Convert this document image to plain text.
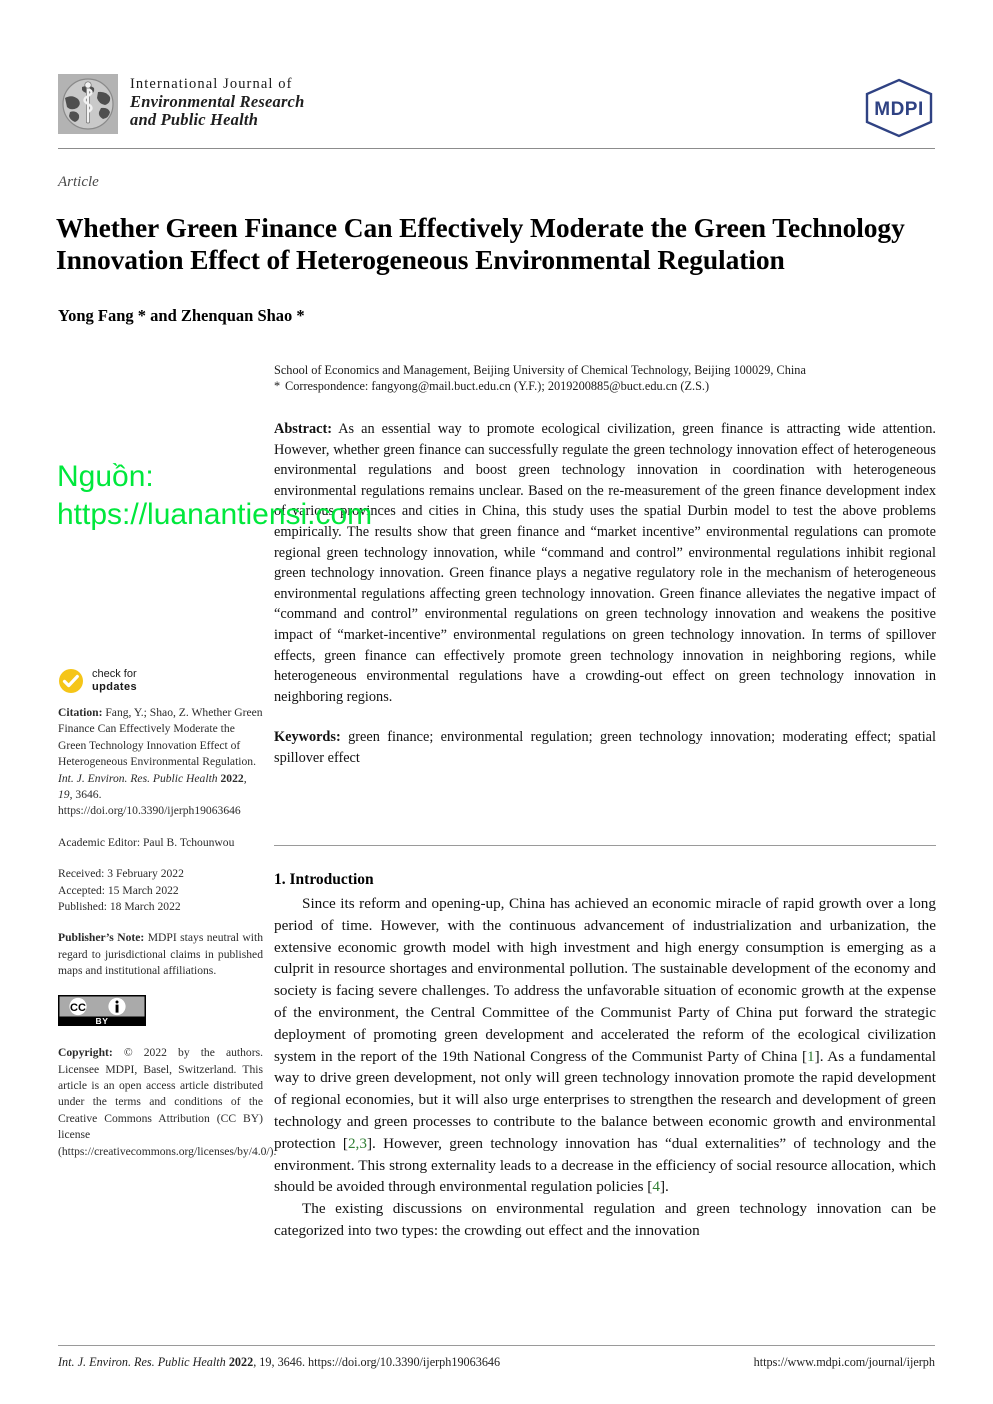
International Journal of
Environmental Research
and Public Health	MDPI
Article
Whether Green Finance Can Effectively Moderate the Green Technology Innovation Effect of Heterogeneous Environmental Regulation
Yong Fang * and Zhenquan Shao *
School of Economics and Management, Beijing University of Chemical Technology, Beijing 100029, China
* Correspondence: fangyong@mail.buct.edu.cn (Y.F.); 2019200885@buct.edu.cn (Z.S.)
Abstract: As an essential way to promote ecological civilization, green finance is attracting wide attention. However, whether green finance can successfully regulate the green technology innovation effect of heterogeneous environmental regulations and boost green technology innovation in coordination with heterogeneous environmental regulations remains unclear. Based on the re-measurement of the green finance development index of various provinces and cities in China, this study uses the spatial Durbin model to test the above problems empirically. The results show that green finance and “market incentive” environmental regulations can promote regional green technology innovation, while “command and control” environmental regulations inhibit regional green technology innovation. Green finance plays a negative regulatory role in the mechanism of heterogeneous environmental regulations affecting green technology innovation. Green finance alleviates the negative impact of “command and control” environmental regulations on green technology innovation and weakens the positive impact of “market-incentive” environmental regulations on green technology innovation. In terms of spillover effects, green finance can effectively promote green technology innovation in neighboring regions, while heterogeneous environmental regulations have a crowding-out effect on green technology innovation in neighboring regions.
Keywords: green finance; environmental regulation; green technology innovation; moderating effect; spatial spillover effect
1. Introduction

Since its reform and opening-up, China has achieved an economic miracle of rapid growth over a long period of time. However, with the continuous advancement of industrialization and urbanization, the extensive economic growth model with high investment and high energy consumption is emerging as a culprit in resource shortages and environmental pollution. The sustainable development of the economy and society is facing severe challenges. To address the unfavorable situation of economic growth at the expense of the environment, the Central Committee of the Communist Party of China put forward the strategic deployment of promoting green development and accelerated the reform of the ecological civilization system in the report of the 19th National Congress of the Communist Party of China [1]. As a fundamental way to drive green development, not only will green technology innovation promote the rapid development of regional economies, but it will also urge enterprises to strengthen the research and development of green technology and green processes to contribute to the balance between economic growth and environmental protection [2,3]. However, green technology innovation has “dual externalities” of technology and the environment. This strong externality leads to a decrease in the efficiency of social resource allocation, which should be avoided through environmental regulation policies [4].

The existing discussions on environmental regulation and green technology innovation can be categorized into two types: the crowding out effect and the innovation

check for
updates
Citation: Fang, Y.; Shao, Z. Whether Green Finance Can Effectively Moderate the Green Technology Innovation Effect of Heterogeneous Environmental Regulation. Int. J. Environ. Res. Public Health 2022, 19, 3646. https://doi.org/10.3390/ijerph19063646
Academic Editor: Paul B. Tchounwou
Received: 3 February 2022
Accepted: 15 March 2022
Published: 18 March 2022
Publisher’s Note: MDPI stays neutral with regard to jurisdictional claims in published maps and institutional affiliations.
CC
BY
Copyright: © 2022 by the authors. Licensee MDPI, Basel, Switzerland. This article is an open access article distributed under the terms and conditions of the Creative Commons Attribution (CC BY) license (https://creativecommons.org/licenses/by/4.0/).
Int. J. Environ. Res. Public Health 2022, 19, 3646. https://doi.org/10.3390/ijerph19063646	https://www.mdpi.com/journal/ijerph
Nguồn:
https://luanantiensi.com
